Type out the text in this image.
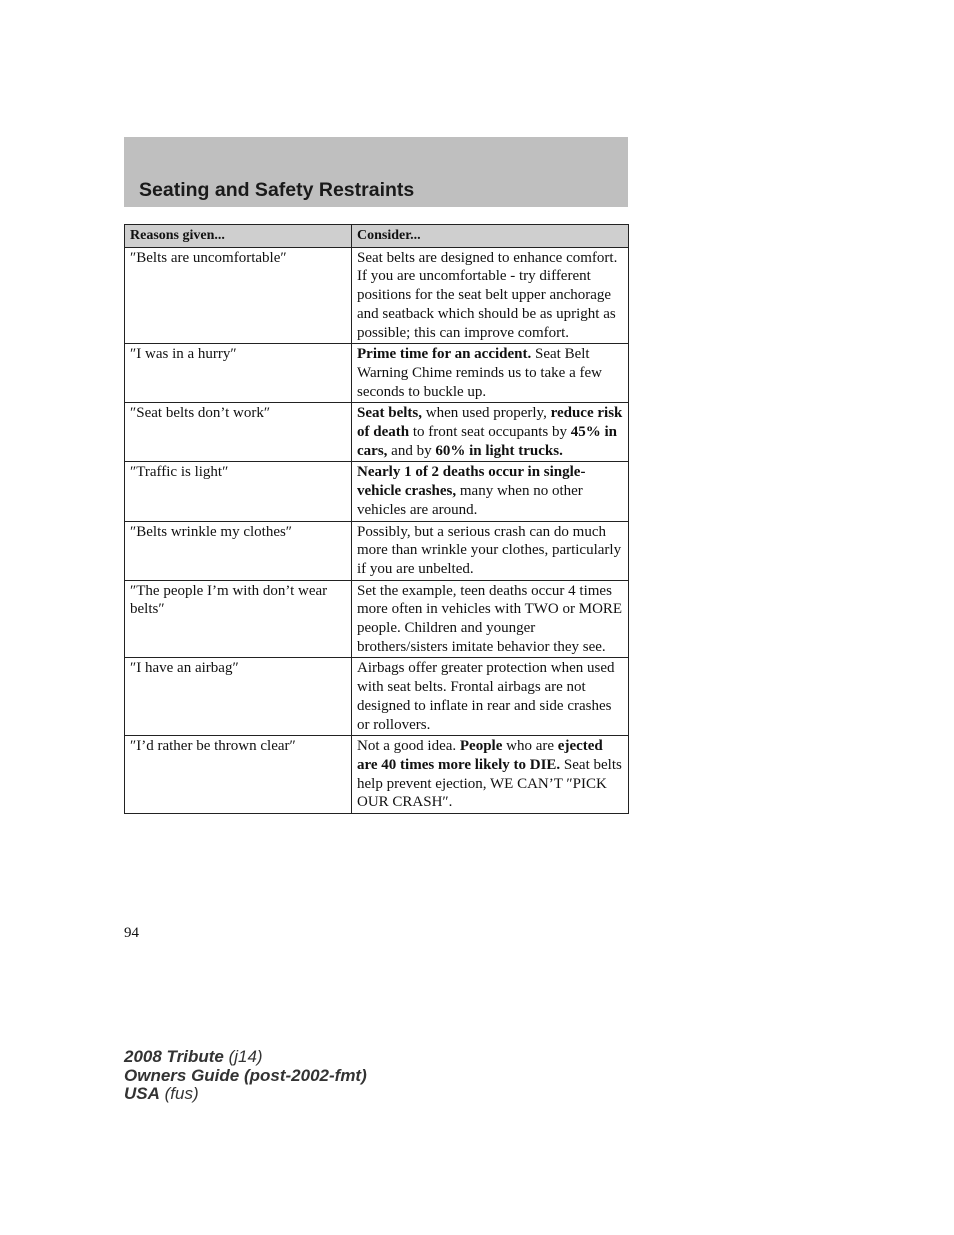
Seating and Safety Restraints
Reasons given...	Consider...
″Belts are uncomfortable″	Seat belts are designed to enhance comfort. If you are uncomfortable - try different positions for the seat belt upper anchorage and seatback which should be as upright as possible; this can improve comfort.
″I was in a hurry″	Prime time for an accident. Seat Belt Warning Chime reminds us to take a few seconds to buckle up.
″Seat belts don’t work″	Seat belts, when used properly, reduce risk of death to front seat occupants by 45% in cars, and by 60% in light trucks.
″Traffic is light″	Nearly 1 of 2 deaths occur in single-vehicle crashes, many when no other vehicles are around.
″Belts wrinkle my clothes″	Possibly, but a serious crash can do much more than wrinkle your clothes, particularly if you are unbelted.
″The people I’m with don’t wear belts″	Set the example, teen deaths occur 4 times more often in vehicles with TWO or MORE people. Children and younger brothers/sisters imitate behavior they see.
″I have an airbag″	Airbags offer greater protection when used with seat belts. Frontal airbags are not designed to inflate in rear and side crashes or rollovers.
″I’d rather be thrown clear″	Not a good idea. People who are ejected are 40 times more likely to DIE. Seat belts help prevent ejection, WE CAN’T ″PICK OUR CRASH″.
94
2008 Tribute (j14)
Owners Guide (post-2002-fmt)
USA (fus)
